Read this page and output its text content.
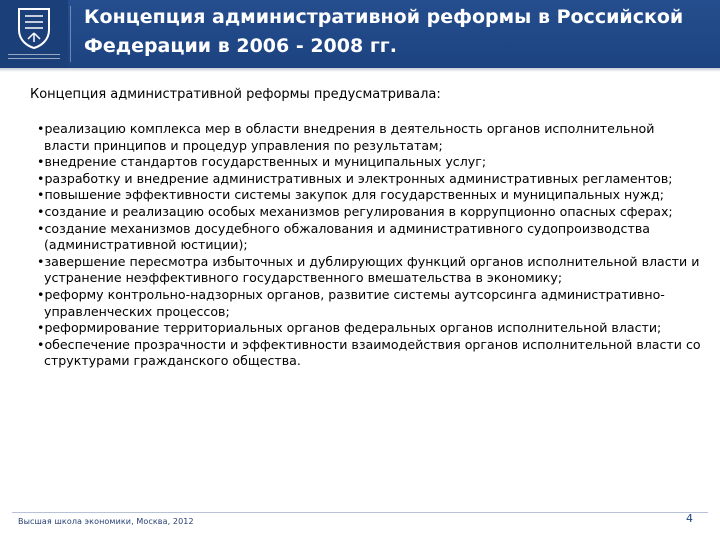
Концепция административной реформы в Российской
Федерации в 2006 - 2008 гг.
Концепция административной реформы предусматривала:
•реализацию комплекса мер в области внедрения в деятельность органов исполнительной власти принципов и процедур управления по результатам;
•внедрение стандартов государственных и муниципальных услуг;
•разработку и внедрение административных и электронных административных регламентов;
•повышение эффективности системы закупок для государственных и муниципальных нужд;
•создание и реализацию особых механизмов регулирования в коррупционно опасных сферах;
•создание механизмов досудебного обжалования и административного судопроизводства (административной юстиции);
•завершение пересмотра избыточных и дублирующих функций органов исполнительной власти и устранение неэффективного государственного вмешательства в экономику;
•реформу контрольно-надзорных органов, развитие системы аутсорсинга административно-управленческих процессов;
•реформирование территориальных органов федеральных органов исполнительной власти;
•обеспечение прозрачности и эффективности взаимодействия органов исполнительной власти со структурами гражданского общества.
Высшая школа экономики, Москва, 2012	4
